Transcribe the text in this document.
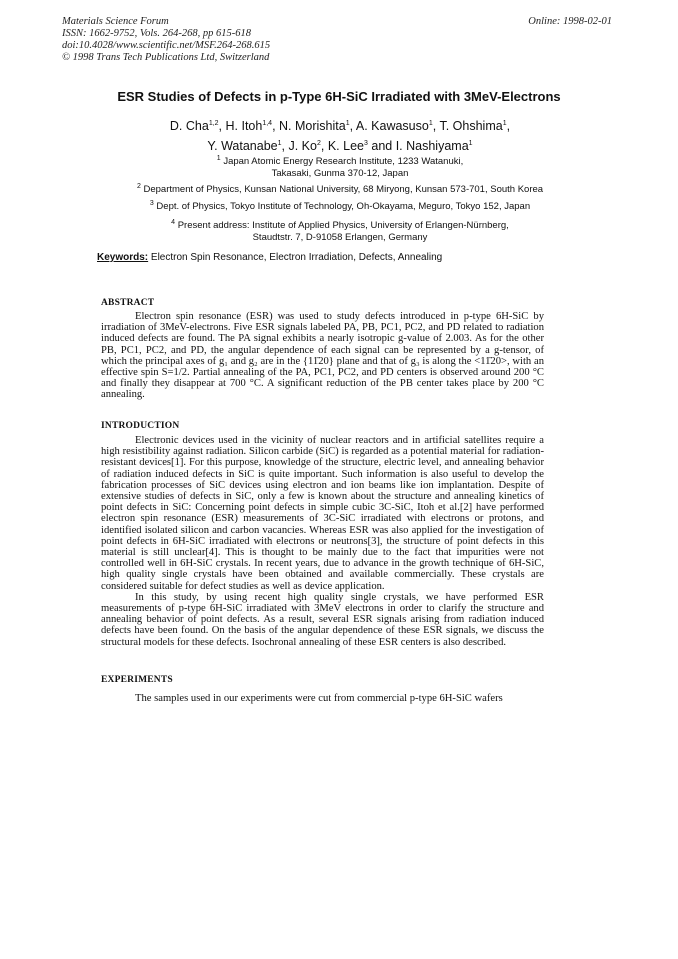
Materials Science Forum
ISSN: 1662-9752, Vols. 264-268, pp 615-618
doi:10.4028/www.scientific.net/MSF.264-268.615
© 1998 Trans Tech Publications Ltd, Switzerland
Online: 1998-02-01
ESR Studies of Defects in p-Type 6H-SiC Irradiated with 3MeV-Electrons
D. Cha$^{1,2}$, H. Itoh$^{1,4}$, N. Morishita$^1$, A. Kawasuso$^1$, T. Ohshima$^1$,
Y. Watanabe$^1$, J. Ko$^2$, K. Lee$^3$ and I. Nashiyama$^1$
$^1$ Japan Atomic Energy Research Institute, 1233 Watanuki,
Takasaki, Gunma 370-12, Japan
$^2$ Department of Physics, Kunsan National University, 68 Miryong, Kunsan 573-701, South Korea
$^3$ Dept. of Physics, Tokyo Institute of Technology, Oh-Okayama, Meguro, Tokyo 152, Japan
$^4$ Present address: Institute of Applied Physics, University of Erlangen-Nürnberg,
Staudtstr. 7, D-91058 Erlangen, Germany
Keywords: Electron Spin Resonance, Electron Irradiation, Defects, Annealing
ABSTRACT

Electron spin resonance (ESR) was used to study defects introduced in p-type 6H-SiC by irradiation of 3MeV-electrons. Five ESR signals labeled PA, PB, PC1, PC2, and PD related to radiation induced defects are found. The PA signal exhibits a nearly isotropic g-value of 2.003. As for the other PB, PC1, PC2, and PD, the angular dependence of each signal can be represented by a g-tensor, of which the principal axes of g₁ and g₂ are in the {11̄20} plane and that of g₃ is along the <11̄20>, with an effective spin S=1/2. Partial annealing of the PA, PC1, PC2, and PD centers is observed around 200 °C and finally they disappear at 700 °C. A significant reduction of the PB center takes place by 200 °C annealing.

INTRODUCTION

Electronic devices used in the vicinity of nuclear reactors and in artificial satellites require a high resistibility against radiation. Silicon carbide (SiC) is regarded as a potential material for radiation-resistant devices[1]. For this purpose, knowledge of the structure, electric level, and annealing behavior of radiation induced defects in SiC is quite important. Such information is also useful to develop the fabrication processes of SiC devices using electron and ion beams like ion implantation. Despite of extensive studies of defects in SiC, only a few is known about the structure and annealing kinetics of point defects in SiC: Concerning point defects in simple cubic 3C-SiC, Itoh et al.[2] have performed electron spin resonance (ESR) measurements of 3C-SiC irradiated with electrons or protons, and identified isolated silicon and carbon vacancies. Whereas ESR was also applied for the investigation of point defects in 6H-SiC irradiated with electrons or neutrons[3], the structure of point defects in this material is still unclear[4]. This is thought to be mainly due to the fact that impurities were not controlled well in 6H-SiC crystals. In recent years, due to advance in the growth technique of 6H-SiC, high quality single crystals have been obtained and available commercially. These crystals are considered suitable for defect studies as well as device application.

In this study, by using recent high quality single crystals, we have performed ESR measurements of p-type 6H-SiC irradiated with 3MeV electrons in order to clarify the structure and annealing behavior of point defects. As a result, several ESR signals arising from radiation induced defects have been found. On the basis of the angular dependence of these ESR signals, we discuss the structural models for these defects. Isochronal annealing of these ESR centers is also described.

EXPERIMENTS

The samples used in our experiments were cut from commercial p-type 6H-SiC wafers
